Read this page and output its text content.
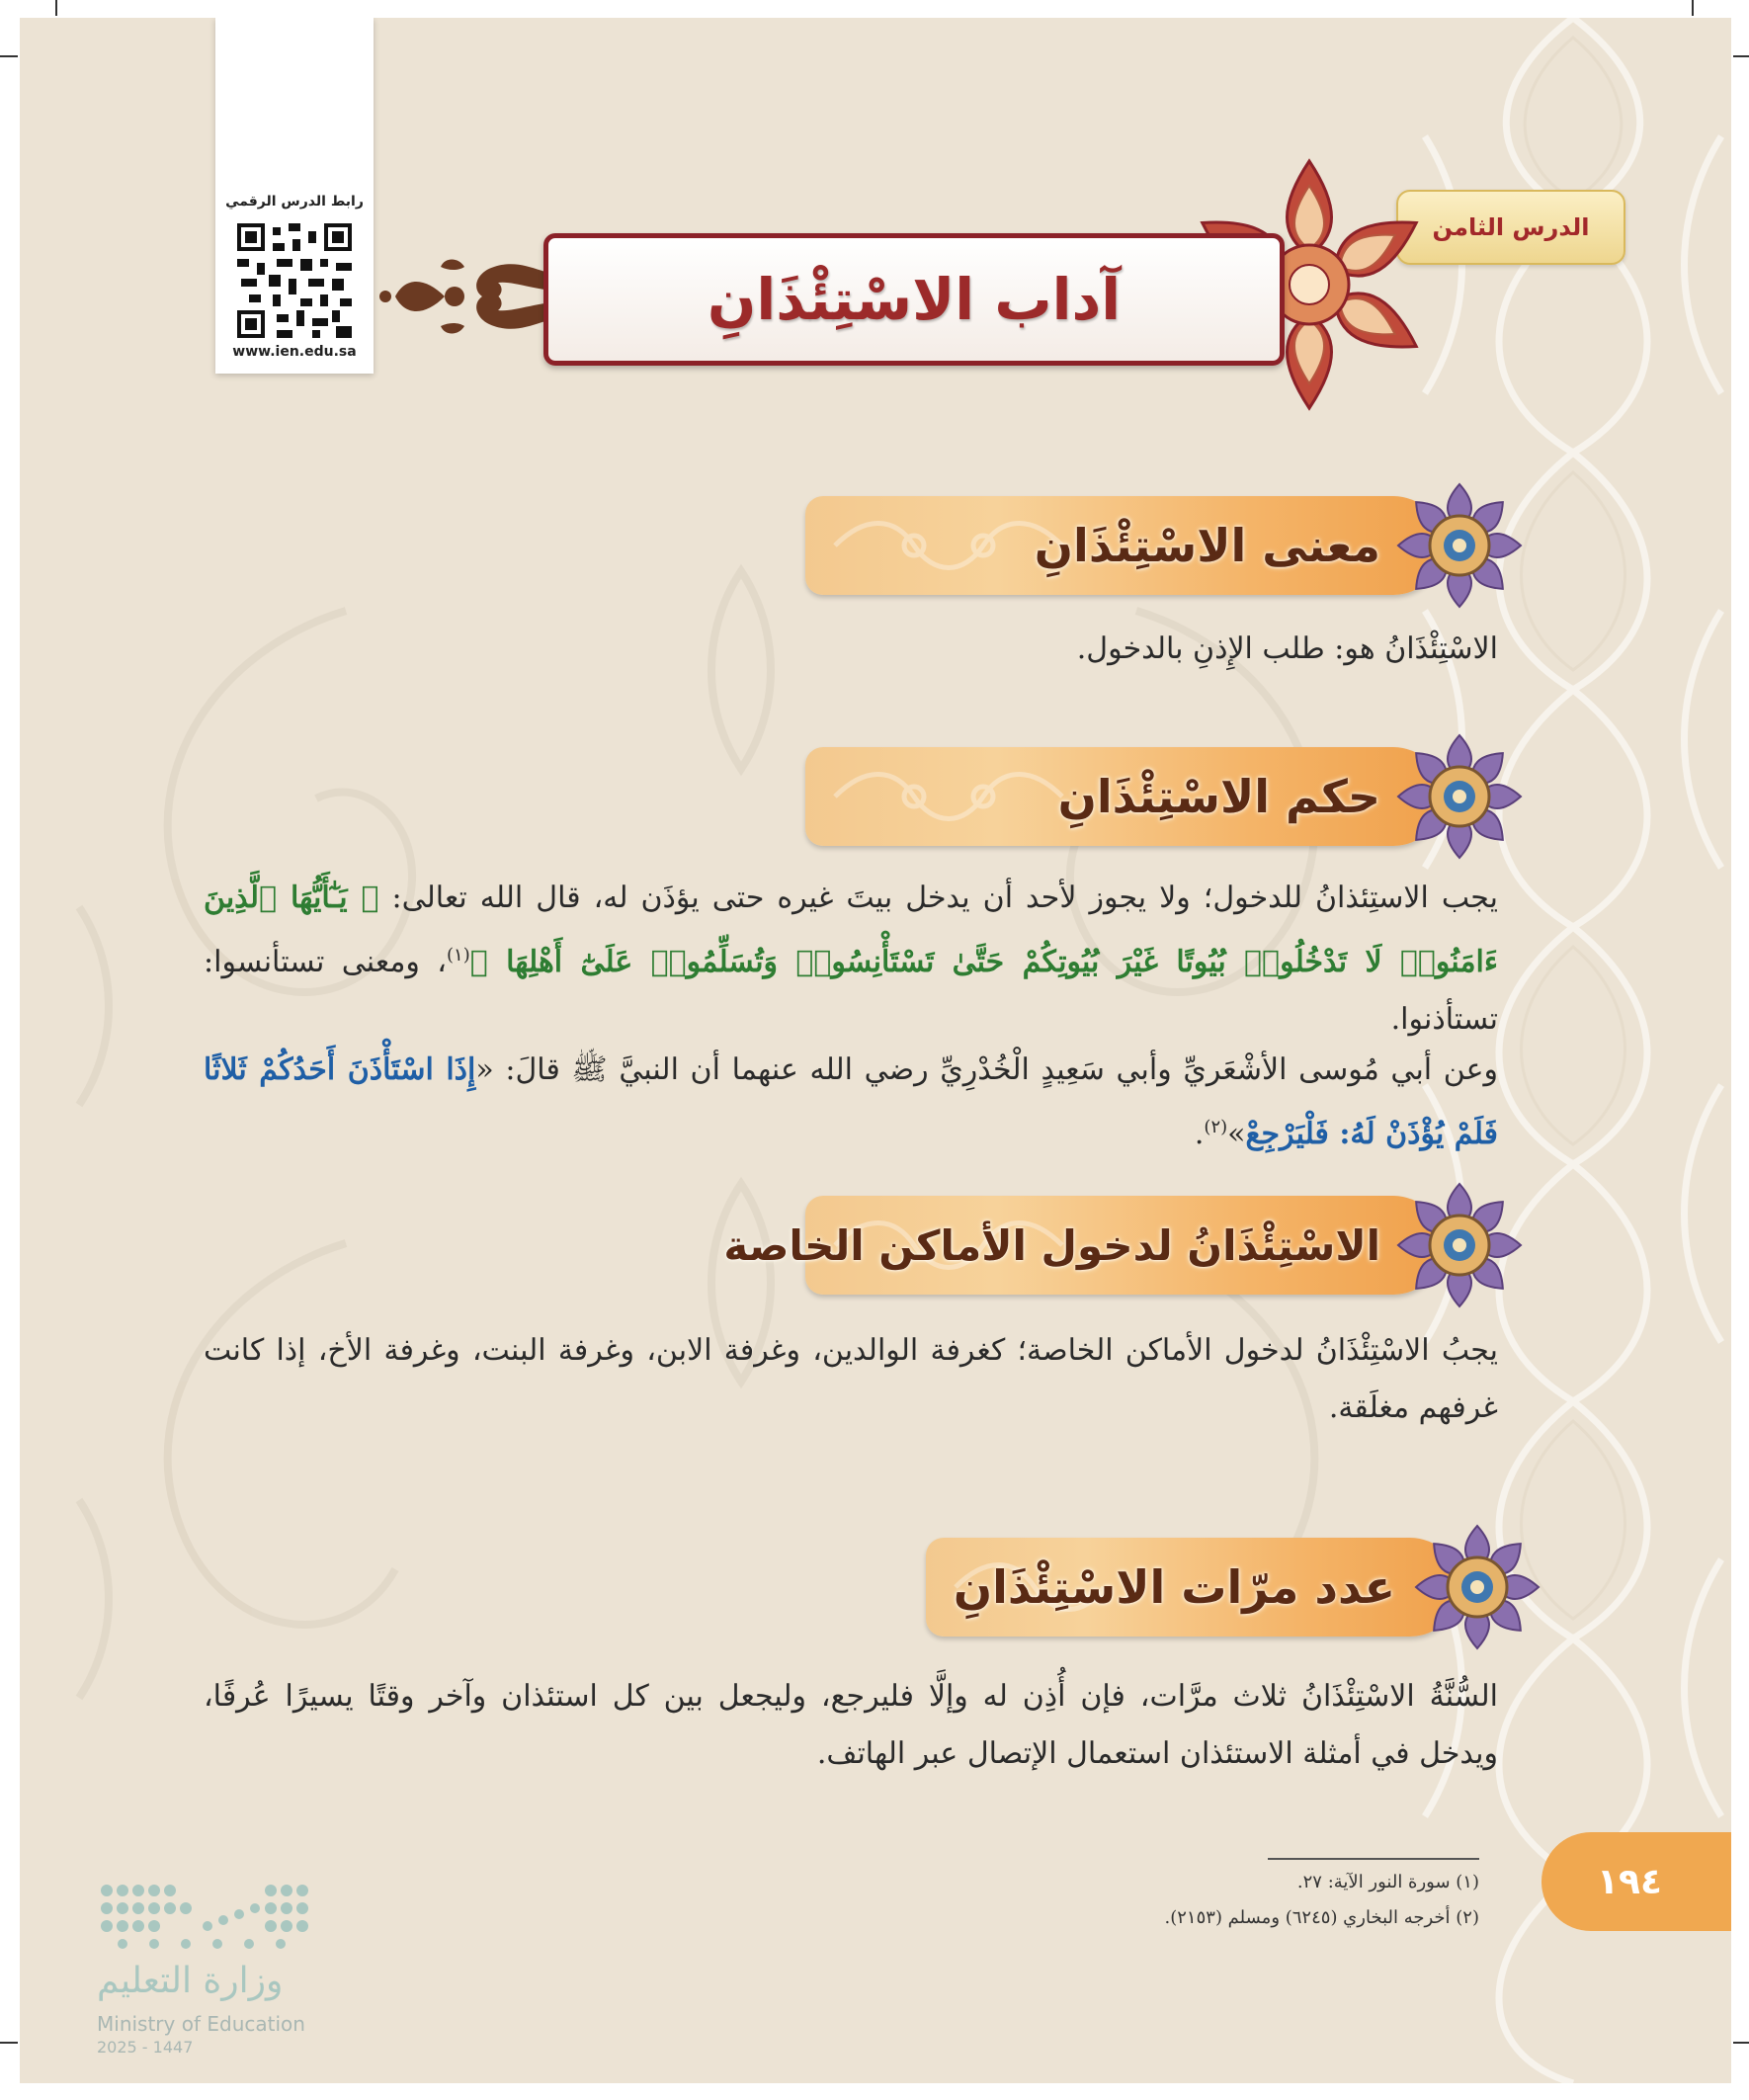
رابط الدرس الرقمي
www.ien.edu.sa
الدرس الثامن
آداب الاسْتِئْذَانِ
معنى الاسْتِئْذَانِ
الاسْتِئْذَانُ هو: طلب الإِذنِ بالدخول.
حكم الاسْتِئْذَانِ
يجب الاستِئذانُ للدخول؛ ولا يجوز لأحد أن يدخل بيتَ غيره حتى يؤذَن له، قال الله تعالى: ﴿ يَـٰٓأَيُّهَا ٱلَّذِينَ ءَامَنُوا۟ لَا تَدْخُلُوا۟ بُيُوتًا غَيْرَ بُيُوتِكُمْ حَتَّىٰ تَسْتَأْنِسُوا۟ وَتُسَلِّمُوا۟ عَلَىٰٓ أَهْلِهَا ﴾$^{(١)}$، ومعنى تستأنسوا: تستأذنوا.
وعن أبي مُوسى الأشْعَريِّ وأبي سَعِيدٍ الْخُدْرِيِّ رضي الله عنهما أن النبيَّ ﷺ قالَ: «إِذَا اسْتَأْذَنَ أَحَدُكُمْ ثَلاثًا فَلَمْ يُؤْذَنْ لَهُ: فَلْيَرْجِعْ»$^{(٢)}$.
الاسْتِئْذَانُ لدخول الأماكن الخاصة
يجبُ الاسْتِئْذَانُ لدخول الأماكن الخاصة؛ كغرفة الوالدين، وغرفة الابن، وغرفة البنت، وغرفة الأخ، إذا كانت غرفهم مغلَقة.
عدد مرّات الاسْتِئْذَانِ
السُّنَّةُ الاسْتِئْذَانُ ثلاث مرَّات، فإن أُذِن له وإلَّا فليرجع، وليجعل بين كل استئذان وآخر وقتًا يسيرًا عُرفًا، ويدخل في أمثلة الاستئذان استعمال الإتصال عبر الهاتف.
(١) سورة النور الآية: ٢٧.
(٢) أخرجه البخاري (٦٢٤٥) ومسلم (٢١٥٣).
١٩٤
وزارة التعليم
Ministry of Education
2025 - 1447
